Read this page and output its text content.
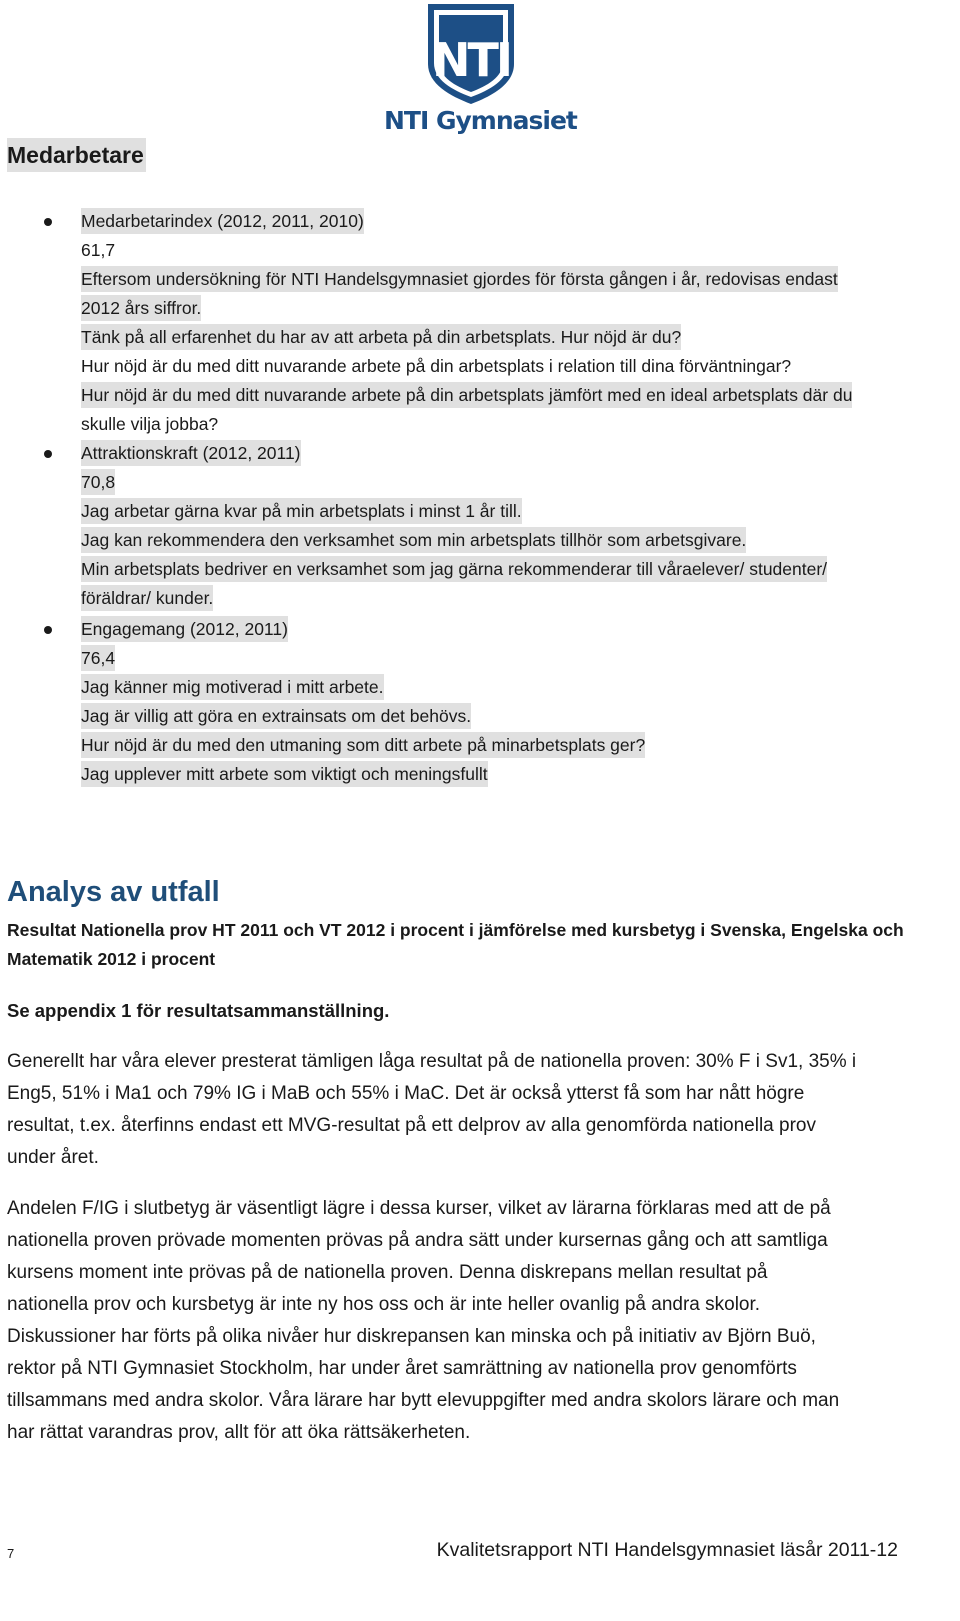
NTI
NTI Gymnasiet
Medarbetare
Medarbetarindex (2012, 2011, 2010)
61,7
Eftersom undersökning för NTI Handelsgymnasiet gjordes för första gången i år, redovisas endast
2012 års siffror.
Tänk på all erfarenhet du har av att arbeta på din arbetsplats. Hur nöjd är du?
Hur nöjd är du med ditt nuvarande arbete på din arbetsplats i relation till dina förväntningar?
Hur nöjd är du med ditt nuvarande arbete på din arbetsplats jämfört med en ideal arbetsplats där du
skulle vilja jobba?
Attraktionskraft (2012, 2011)
70,8
Jag arbetar gärna kvar på min arbetsplats i minst 1 år till.
Jag kan rekommendera den verksamhet som min arbetsplats tillhör som arbetsgivare.
Min arbetsplats bedriver en verksamhet som jag gärna rekommenderar till våraelever/ studenter/
föräldrar/ kunder.
Engagemang (2012, 2011)
76,4
Jag känner mig motiverad i mitt arbete.
Jag är villig att göra en extrainsats om det behövs.
Hur nöjd är du med den utmaning som ditt arbete på minarbetsplats ger?
Jag upplever mitt arbete som viktigt och meningsfullt
Analys av utfall
Resultat Nationella prov HT 2011 och VT 2012 i procent i jämförelse med kursbetyg i Svenska, Engelska och
Matematik 2012 i procent
Se appendix 1 för resultatsammanställning.
Generellt har våra elever presterat tämligen låga resultat på de nationella proven: 30% F i Sv1, 35% i
Eng5, 51% i Ma1 och 79% IG i MaB och 55% i MaC. Det är också ytterst få som har nått högre
resultat, t.ex. återfinns endast ett MVG-resultat på ett delprov av alla genomförda nationella prov
under året.
Andelen F/IG i slutbetyg är väsentligt lägre i dessa kurser, vilket av lärarna förklaras med att de på
nationella proven prövade momenten prövas på andra sätt under kursernas gång och att samtliga
kursens moment inte prövas på de nationella proven. Denna diskrepans mellan resultat på
nationella prov och kursbetyg är inte ny hos oss och är inte heller ovanlig på andra skolor.
Diskussioner har förts på olika nivåer hur diskrepansen kan minska och på initiativ av Björn Buö,
rektor på NTI Gymnasiet Stockholm, har under året samrättning av nationella prov genomförts
tillsammans med andra skolor. Våra lärare har bytt elevuppgifter med andra skolors lärare och man
har rättat varandras prov, allt för att öka rättsäkerheten.
7	Kvalitetsrapport NTI Handelsgymnasiet läsår 2011-12
